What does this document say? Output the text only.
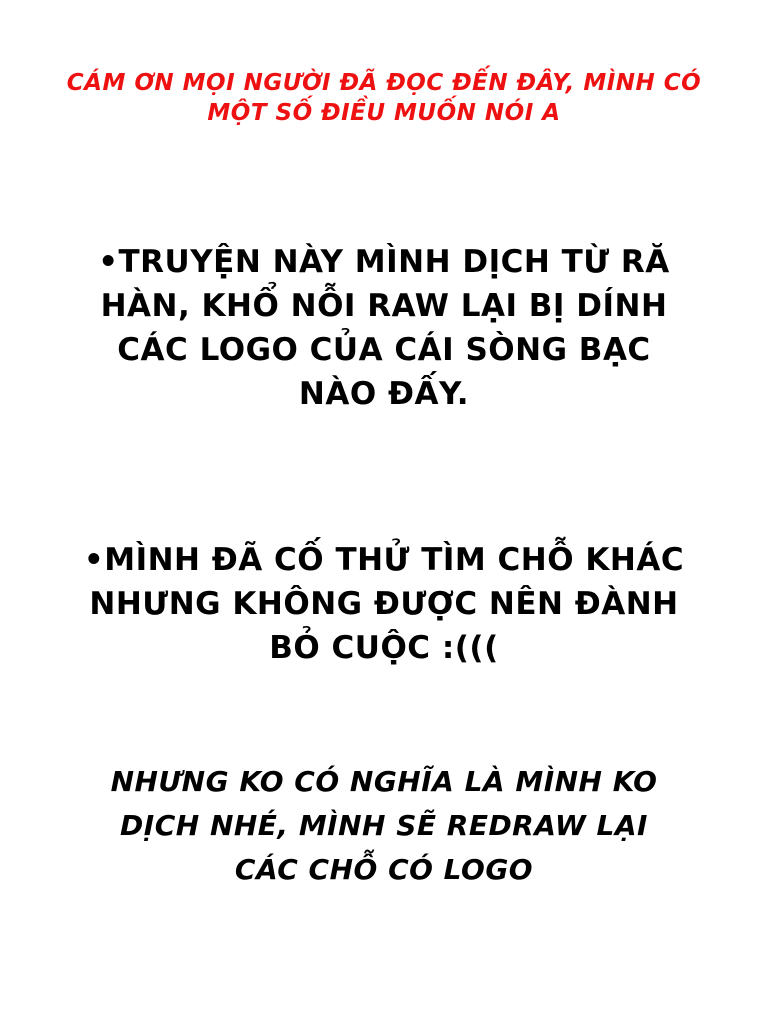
CÁM ƠN MỌI NGƯỜI ĐÃ ĐỌC ĐẾN ĐÂY, MÌNH CÓ
MỘT SỐ ĐIỀU MUỐN NÓI A
•TRUYỆN NÀY MÌNH DỊCH TỪ RĂ
HÀN, KHỔ NỖI RAW LẠI BỊ DÍNH
CÁC LOGO CỦA CÁI SÒNG BẠC
NÀO ĐẤY.
•MÌNH ĐÃ CỐ THỬ TÌM CHỖ KHÁC
NHƯNG KHÔNG ĐƯỢC NÊN ĐÀNH
BỎ CUỘC :(((
NHƯNG KO CÓ NGHĨA LÀ MÌNH KO
DỊCH NHÉ, MÌNH SẼ REDRAW LẠI
CÁC CHỖ CÓ LOGO
